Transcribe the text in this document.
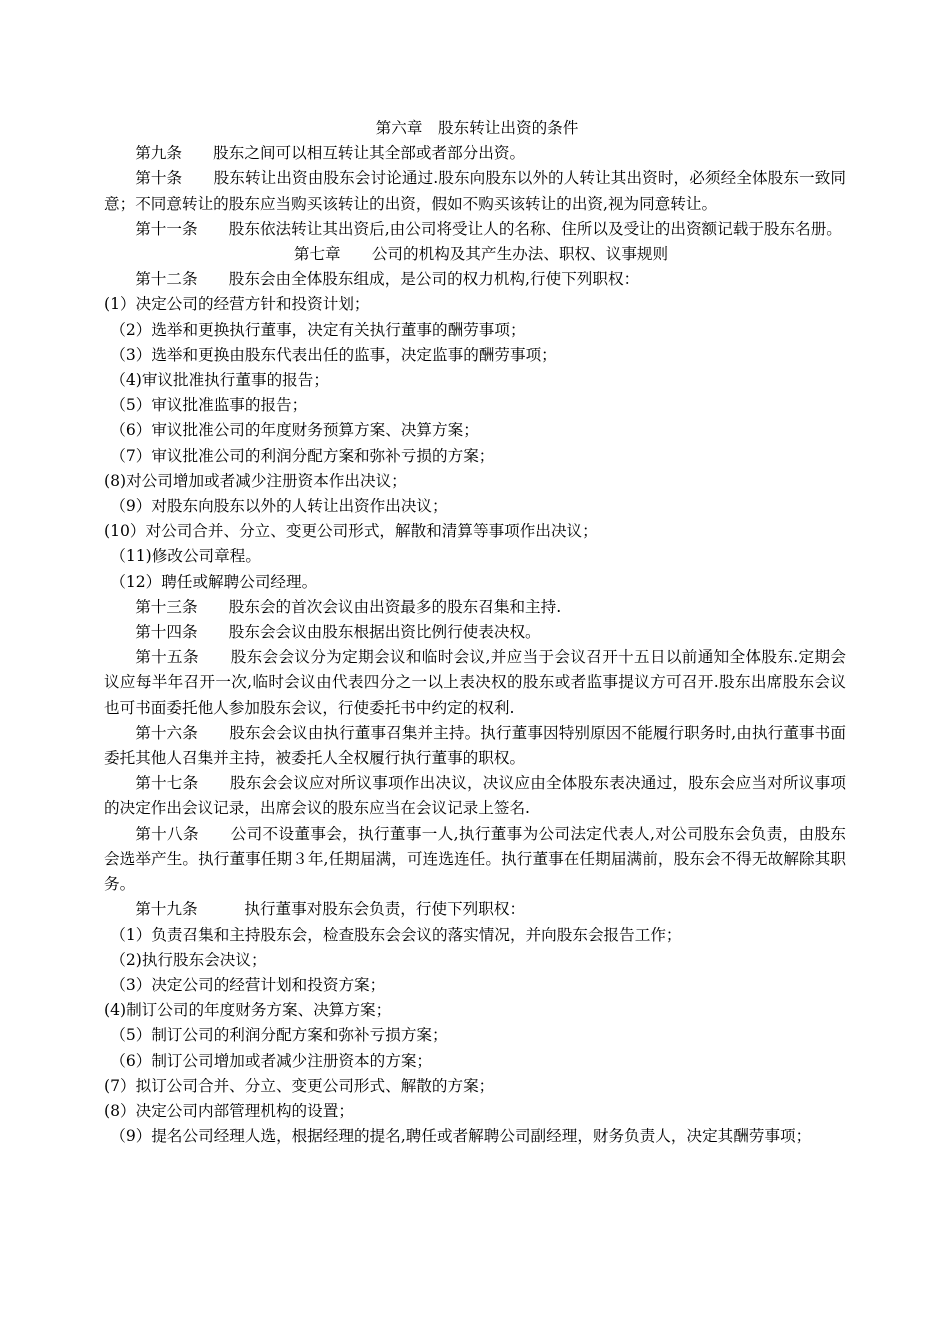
第六章　股东转让出资的条件
第九条　　股东之间可以相互转让其全部或者部分出资。
第十条　　股东转让出资由股东会讨论通过.股东向股东以外的人转让其出资时，必须经全体股东一致同意；不同意转让的股东应当购买该转让的出资，假如不购买该转让的出资,视为同意转让。
第十一条　　股东依法转让其出资后,由公司将受让人的名称、住所以及受让的出资额记载于股东名册。
第七章　　公司的机构及其产生办法、职权、议事规则
第十二条　　股东会由全体股东组成，是公司的权力机构,行使下列职权：
(1）决定公司的经营方针和投资计划；
（2）选举和更换执行董事，决定有关执行董事的酬劳事项；
（3）选举和更换由股东代表出任的监事，决定监事的酬劳事项；
（4)审议批准执行董事的报告；
（5）审议批准监事的报告；
（6）审议批准公司的年度财务预算方案、决算方案；
（7）审议批准公司的利润分配方案和弥补亏损的方案；
(8)对公司增加或者减少注册资本作出决议；
（9）对股东向股东以外的人转让出资作出决议；
(10）对公司合并、分立、变更公司形式，解散和清算等事项作出决议；
（11)修改公司章程。
（12）聘任或解聘公司经理。
第十三条　　股东会的首次会议由出资最多的股东召集和主持.
第十四条　　股东会会议由股东根据出资比例行使表决权。
第十五条　　股东会会议分为定期会议和临时会议,并应当于会议召开十五日以前通知全体股东.定期会议应每半年召开一次,临时会议由代表四分之一以上表决权的股东或者监事提议方可召开.股东出席股东会议也可书面委托他人参加股东会议，行使委托书中约定的权利.
第十六条　　股东会会议由执行董事召集并主持。执行董事因特别原因不能履行职务时,由执行董事书面委托其他人召集并主持，被委托人全权履行执行董事的职权。
第十七条　　股东会会议应对所议事项作出决议，决议应由全体股东表决通过，股东会应当对所议事项的决定作出会议记录，出席会议的股东应当在会议记录上签名.
第十八条　　公司不设董事会，执行董事一人,执行董事为公司法定代表人,对公司股东会负责，由股东会选举产生。执行董事任期３年,任期届满，可连选连任。执行董事在任期届满前，股东会不得无故解除其职务。
第十九条　　　执行董事对股东会负责，行使下列职权：
（1）负责召集和主持股东会，检查股东会会议的落实情况，并向股东会报告工作；
（2)执行股东会决议；
（3）决定公司的经营计划和投资方案；
(4)制订公司的年度财务方案、决算方案；
（5）制订公司的利润分配方案和弥补亏损方案；
（6）制订公司增加或者减少注册资本的方案；
(7）拟订公司合并、分立、变更公司形式、解散的方案；
(8）决定公司内部管理机构的设置；
（9）提名公司经理人选，根据经理的提名,聘任或者解聘公司副经理，财务负责人，决定其酬劳事项；
